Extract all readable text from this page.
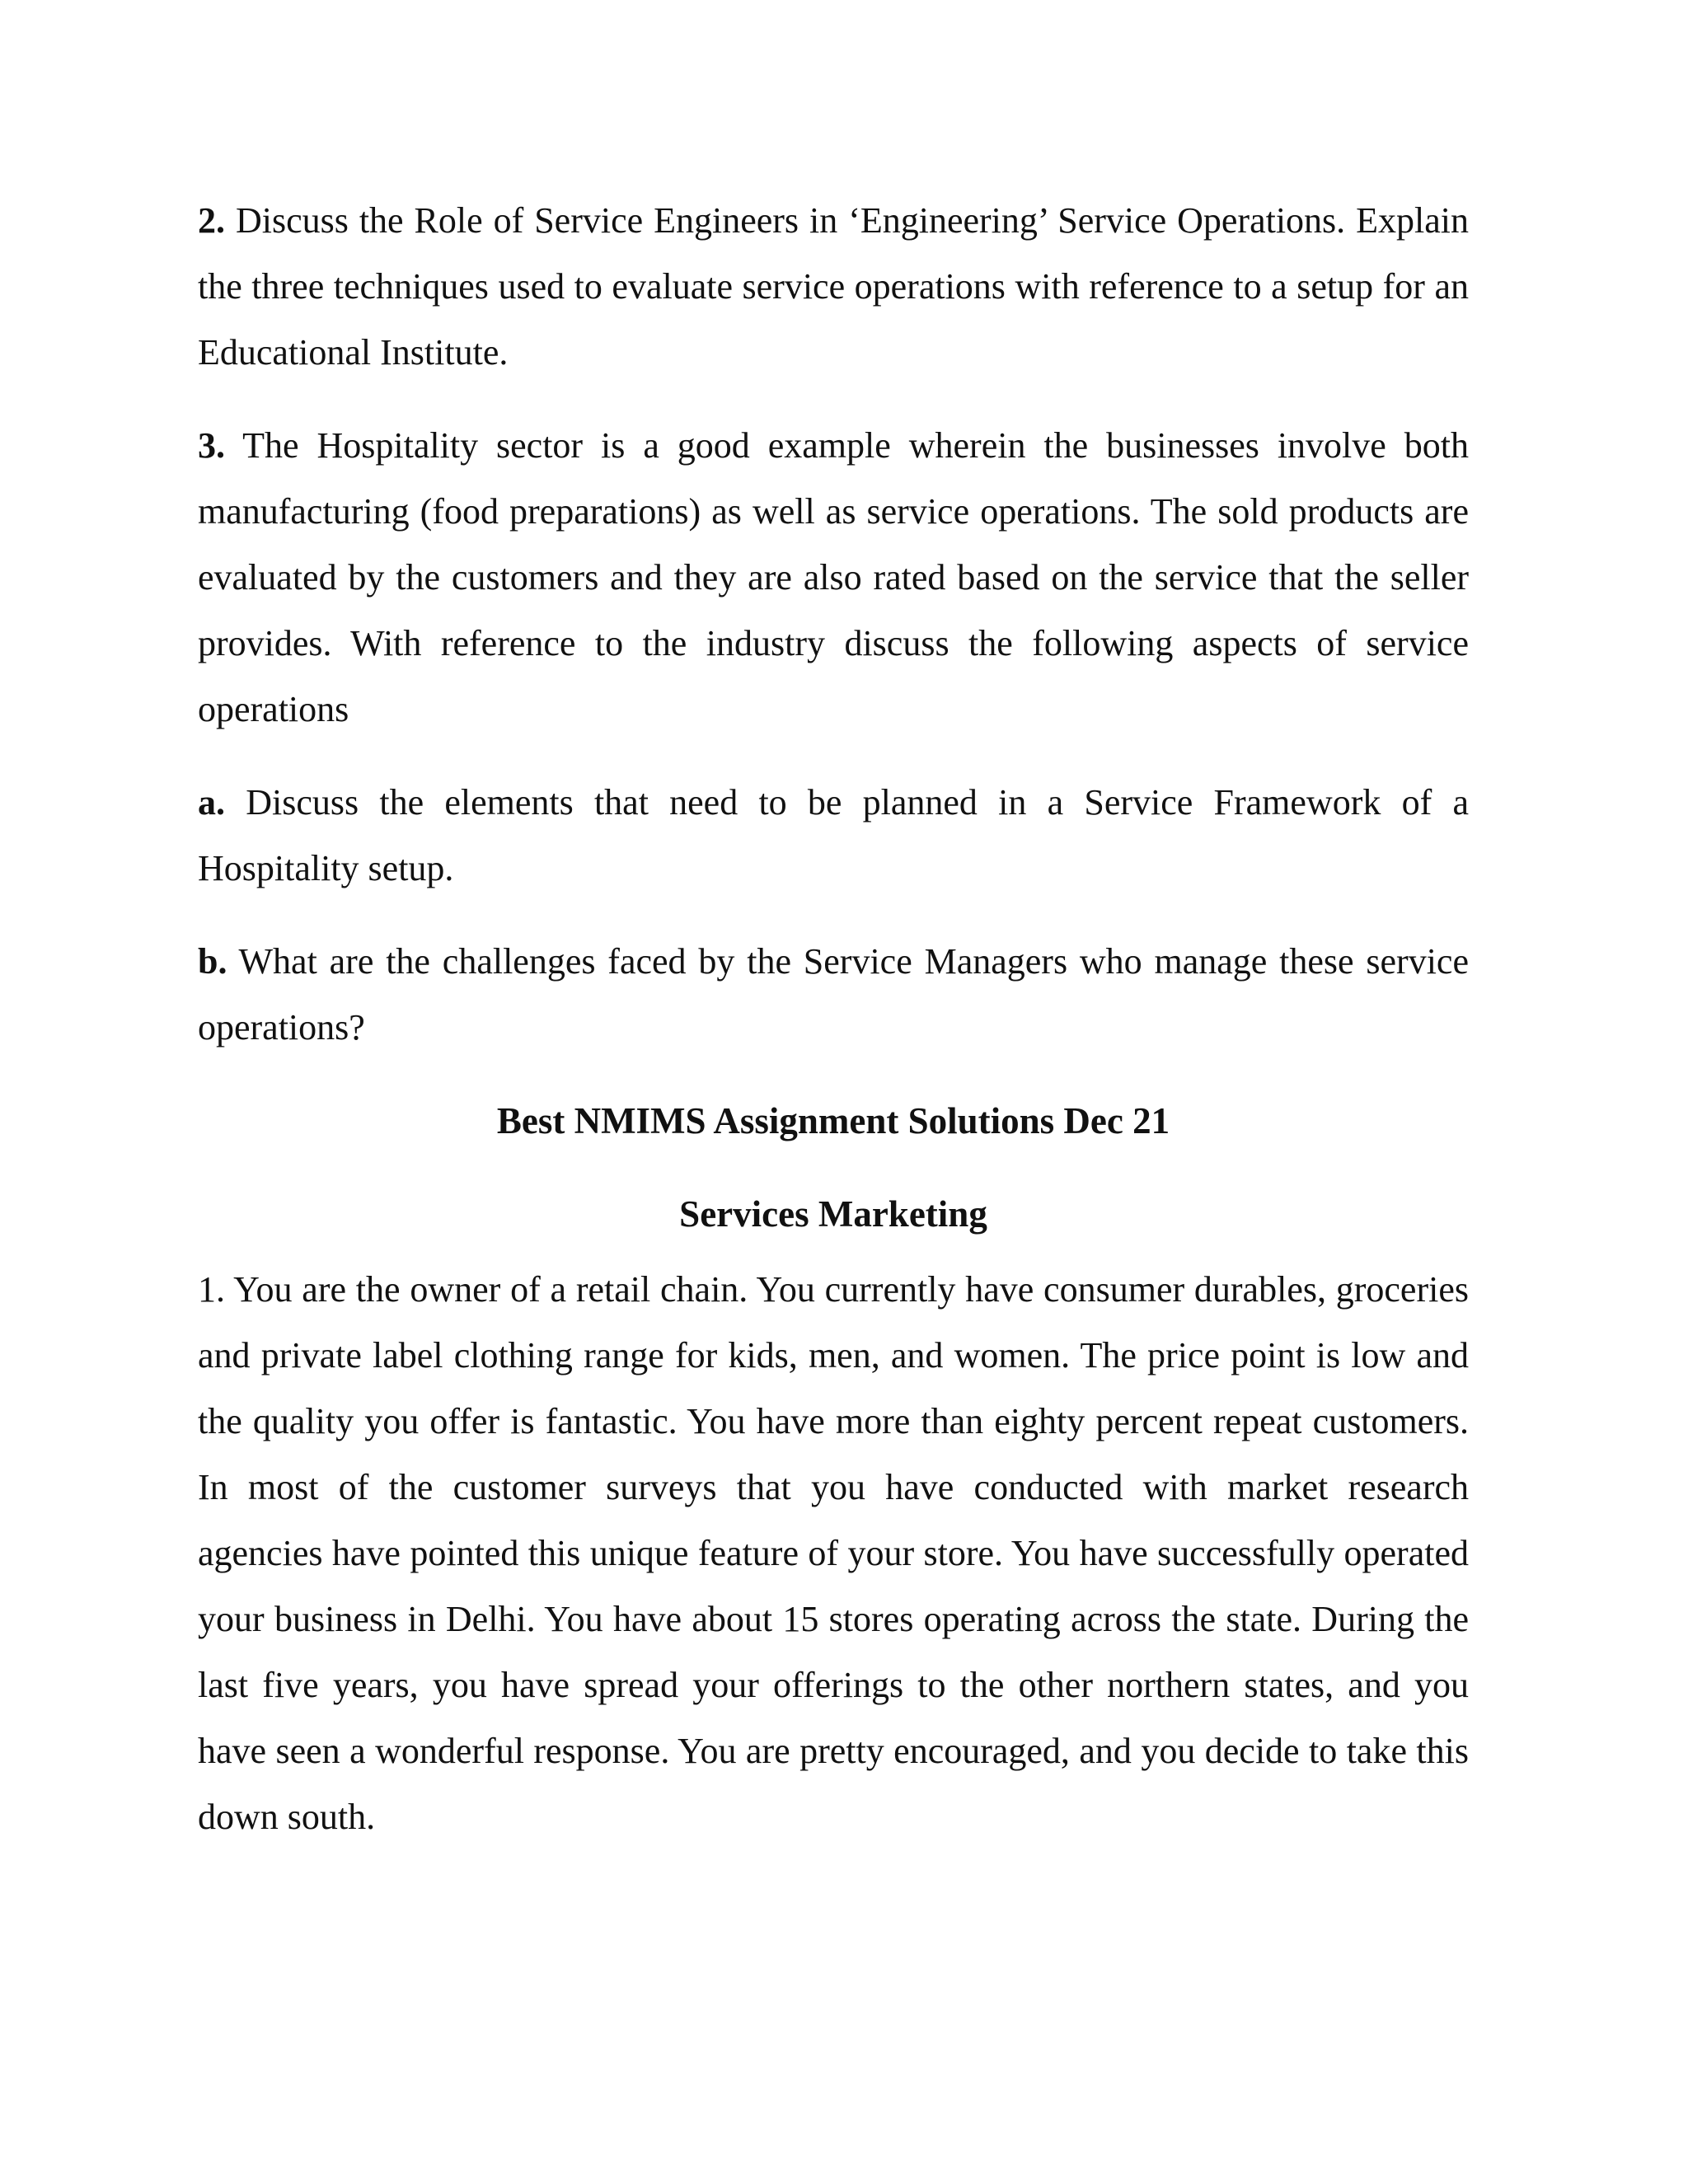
2. Discuss the Role of Service Engineers in ‘Engineering’ Service Operations. Explain the three techniques used to evaluate service operations with reference to a setup for an Educational Institute.

3. The Hospitality sector is a good example wherein the businesses involve both manufacturing (food preparations) as well as service operations. The sold products are evaluated by the customers and they are also rated based on the service that the seller provides. With reference to the industry discuss the following aspects of service operations

a. Discuss the elements that need to be planned in a Service Framework of a Hospitality setup.

b. What are the challenges faced by the Service Managers who manage these service operations?

Best NMIMS Assignment Solutions Dec 21
Services Marketing

1. You are the owner of a retail chain. You currently have consumer durables, groceries and private label clothing range for kids, men, and women. The price point is low and the quality you offer is fantastic. You have more than eighty percent repeat customers. In most of the customer surveys that you have conducted with market research agencies have pointed this unique feature of your store. You have successfully operated your business in Delhi. You have about 15 stores operating across the state. During the last five years, you have spread your offerings to the other northern states, and you have seen a wonderful response. You are pretty encouraged, and you decide to take this down south.
